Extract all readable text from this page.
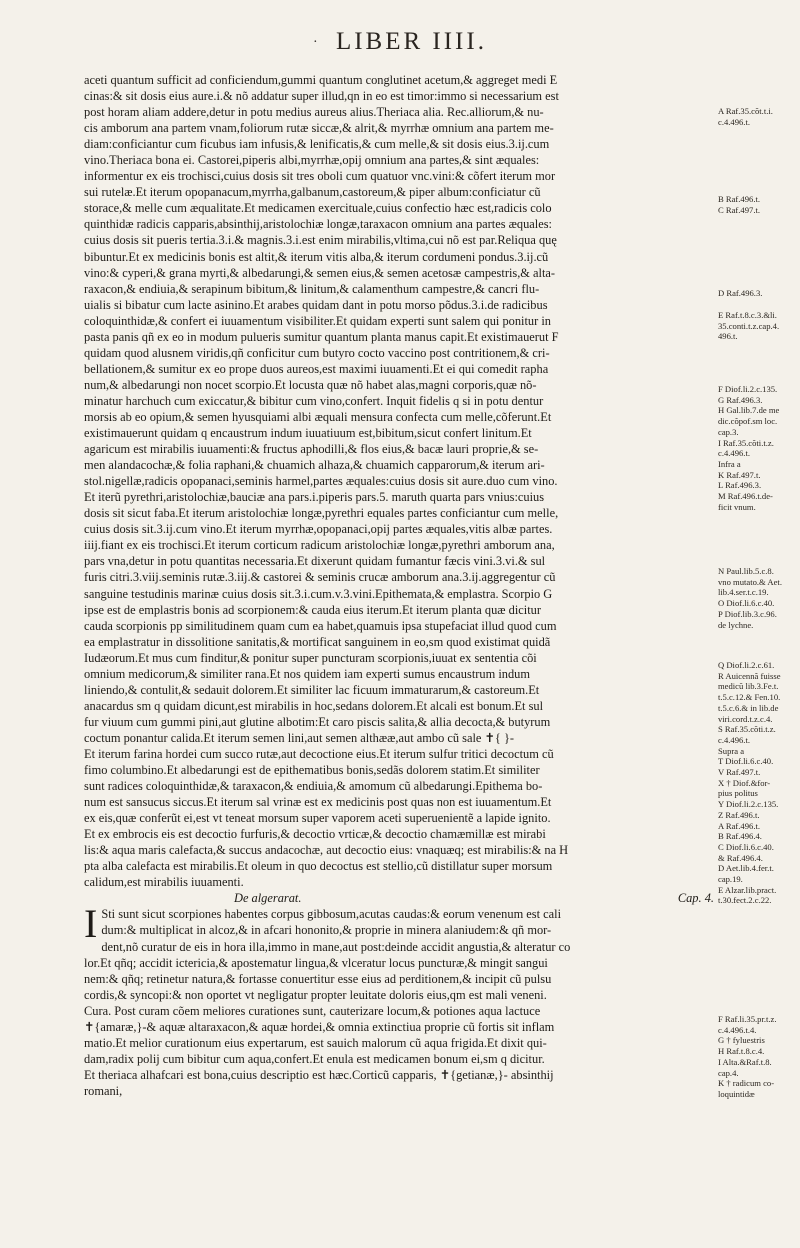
· LIBER IIII.
aceti quantum sufficit ad conficiendum,gummi quantum conglutinet acetum,& aggreget medi E
cinas:& sit dosis eius aure.i.& nõ addatur super illud,qn in eo est timor:immo si necessarium est
post horam aliam addere,detur in potu medius aureus alius.Theriaca alia. Rec.alliorum,& nu-
cis amborum ana partem vnam,foliorum rutæ siccæ,& alrit,& myrrhæ omnium ana partem me-
diam:conficiantur cum ficubus iam infusis,& lenificatis,& cum melle,& sit dosis eius.3.ij.cum
vino.Theriaca bona ei. Castorei,piperis albi,myrrhæ,opij omnium ana partes,& sint æquales:
informentur ex eis trochisci,cuius dosis sit tres oboli cum quatuor vnc.vini:& cõfert iterum mor
sui rutelæ.Et iterum opopanacum,myrrha,galbanum,castoreum,& piper album:conficiatur cũ
storace,& melle cum æqualitate.Et medicamen exercituale,cuius confectio hæc est,radicis colo
quinthidæ radicis capparis,absinthij,aristolochiæ longæ,taraxacon omnium ana partes æquales:
cuius dosis sit pueris tertia.3.i.& magnis.3.i.est enim mirabilis,vltima,cui nõ est par.Reliqua quę
bibuntur.Et ex medicinis bonis est altit,& iterum vitis alba,& iterum cordumeni pondus.3.ij.cũ
vino:& cyperi,& grana myrti,& albedarungi,& semen eius,& semen acetosæ campestris,& alta-
raxacon,& endiuia,& serapinum bibitum,& linitum,& calamenthum campestre,& cancri flu-
uialis si bibatur cum lacte asinino.Et arabes quidam dant in potu morso põdus.3.i.de radicibus
coloquinthidæ,& confert ei iuuamentum visibiliter.Et quidam experti sunt salem qui ponitur in
pasta panis qñ ex eo in modum pulueris sumitur quantum planta manus capit.Et existimauerut F
quidam quod alusnem viridis,qñ conficitur cum butyro cocto vaccino post contritionem,& cri-
bellationem,& sumitur ex eo prope duos aureos,est maximi iuuamenti.Et ei qui comedit rapha
num,& albedarungi non nocet scorpio.Et locusta quæ nõ habet alas,magni corporis,quæ nõ-
minatur harchuch cum exiccatur,& bibitur cum vino,confert. Inquit fidelis q si in potu dentur
morsis ab eo opium,& semen hyusquiami albi æquali mensura confecta cum melle,cõferunt.Et
existimauerunt quidam q encaustrum indum iuuatiuum est,bibitum,sicut confert linitum.Et
agaricum est mirabilis iuuamenti:& fructus aphodilli,& flos eius,& bacæ lauri proprie,& se-
men alandacochæ,& folia raphani,& chuamich alhaza,& chuamich capparorum,& iterum ari-
stol.nigellæ,radicis opopanaci,seminis harmel,partes æquales:cuius dosis sit aure.duo cum vino.
Et iterũ pyrethri,aristolochiæ,bauciæ ana pars.i.piperis pars.5. maruth quarta pars vnius:cuius
dosis sit sicut faba.Et iterum aristolochiæ longæ,pyrethri equales partes conficiantur cum melle,
cuius dosis sit.3.ij.cum vino.Et iterum myrrhæ,opopanaci,opij partes æquales,vitis albæ partes.
iiij.fiant ex eis trochisci.Et iterum corticum radicum aristolochiæ longæ,pyrethri amborum ana,
pars vna,detur in potu quantitas necessaria.Et dixerunt quidam fumantur fæcis vini.3.vi.& sul
furis citri.3.viij.seminis rutæ.3.iij.& castorei & seminis crucæ amborum ana.3.ij.aggregentur cũ
sanguine testudinis marinæ cuius dosis sit.3.i.cum.v.3.vini.Epithemata,& emplastra. Scorpio G
ipse est de emplastris bonis ad scorpionem:& cauda eius iterum.Et iterum planta quæ dicitur
cauda scorpionis pp similitudinem quam cum ea habet,quamuis ipsa stupefaciat illud quod cum
ea emplastratur in dissolitione sanitatis,& mortificat sanguinem in eo,sm quod existimat quidã
Iudæorum.Et mus cum finditur,& ponitur super puncturam scorpionis,iuuat ex sententia cõi
omnium medicorum,& similiter rana.Et nos quidem iam experti sumus encaustrum indum
liniendo,& contulit,& sedauit dolorem.Et similiter lac ficuum immaturarum,& castoreum.Et
anacardus sm q quidam dicunt,est mirabilis in hoc,sedans dolorem.Et alcali est bonum.Et sul
fur viuum cum gummi pini,aut glutine albotim:Et caro piscis salita,& allia decocta,& butyrum
coctum ponantur calida.Et iterum semen lini,aut semen althææ,aut ambo cũ sale ✝{ }-
Et iterum farina hordei cum succo rutæ,aut decoctione eius.Et iterum sulfur tritici decoctum cũ
fimo columbino.Et albedarungi est de epithematibus bonis,sedãs dolorem statim.Et similiter
sunt radices coloquinthidæ,& taraxacon,& endiuia,& amomum cũ albedarungi.Epithema bo-
num est sansucus siccus.Et iterum sal vrinæ est ex medicinis post quas non est iuuamentum.Et
ex eis,quæ conferũt ei,est vt teneat morsum super vaporem aceti superuenientẽ a lapide ignito.
Et ex embrocis eis est decoctio furfuris,& decoctio vrticæ,& decoctio chamæmillæ est mirabi
lis:& aqua maris calefacta,& succus andacochæ, aut decoctio eius: vnaquæq; est mirabilis:& na H
pta alba calefacta est mirabilis.Et oleum in quo decoctus est stellio,cũ distillatur super morsum
calidum,est mirabilis iuuamenti.
De algerarat.	Cap. 4.
I Sti sunt sicut scorpiones habentes corpus gibbosum,acutas caudas:& eorum venenum est cali
dum:& multiplicat in alcoz,& in afcari hononito,& proprie in minera alaniudem:& qñ mor-
dent,nõ curatur de eis in hora illa,immo in mane,aut post:deinde accidit angustia,& alteratur co
lor.Et qñq; accidit ictericia,& apostematur lingua,& vlceratur locus puncturæ,& mingit sangui
nem:& qñq; retinetur natura,& fortasse conuertitur esse eius ad perditionem,& incipit cũ pulsu
cordis,& syncopi:& non oportet vt negligatur propter leuitate doloris eius,qm est mali veneni.
Cura. Post curam cõem meliores curationes sunt, cauterizare locum,& potiones aqua lactuce
✝{amaræ,}-& aquæ altaraxacon,& aquæ hordei,& omnia extinctiua proprie cũ fortis sit inflam
matio.Et melior curationum eius expertarum, est sauich malorum cũ aqua frigida.Et dixit qui-
dam,radix polij cum bibitur cum aqua,confert.Et enula est medicamen bonum ei,sm q dicitur.
Et theriaca alhafcari est bona,cuius descriptio est hæc.Corticũ capparis, ✝{getianæ,}- absinthij
romani,
A Raf.35.cõt.t.i.
c.4.496.t.
B Raf.496.t.
C Raf.497.t.
D Raf.496.3.
E Raf.t.8.c.3.&li.
35.conti.t.z.cap.4.
496.t.
F Diof.li.2.c.135.
G Raf.496.3.
H Gal.lib.7.de me
dic.cõpof.sm loc.
cap.3.
I Raf.35.cõti.t.z.
c.4.496.t.
Infra a
K Raf.497.t.
L Raf.496.3.
M Raf.496.t.de-
ficit vnum.
N Paul.lib.5.c.8.
vno mutato.& Aet.
lib.4.ser.t.c.19.
O Diof.li.6.c.40.
P Diof.lib.3.c.96.
de lychne.
Q Diof.li.2.c.61.
R Auicennã fuisse
medicũ lib.3.Fe.t.
t.5.c.12.& Fen.10.
t.5.c.6.& in lib.de
viri.cord.t.z.c.4.
S Raf.35.cõti.t.z.
c.4.496.t.
Supra a
T Diof.li.6.c.40.
V Raf.497.t.
X † Diof.&for-
pius politus
Y Diof.li.2.c.135.
Z Raf.496.t.
A Raf.496.t.
B Raf.496.4.
C Diof.li.6.c.40.
& Raf.496.4.
D Aet.lib.4.fer.t.
cap.19.
E Alzar.lib.pract.
t.30.fect.2.c.22.
F Raf.li.35.pr.t.z.
c.4.496.t.4.
G † fyluestris
H Raf.t.8.c.4.
I Alta.&Raf.t.8.
cap.4.
K † radicum co-
loquintidæ
